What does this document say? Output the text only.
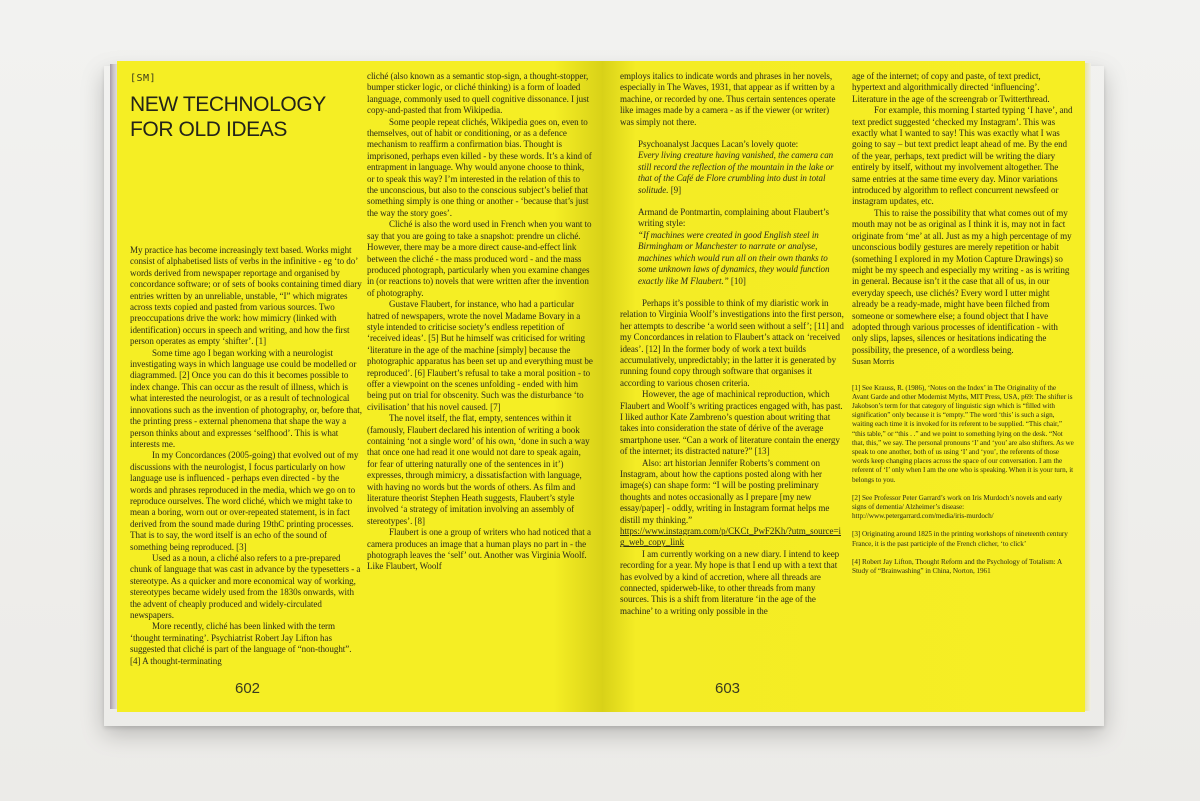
[SM]
NEW TECHNOLOGY FOR OLD IDEAS

My practice has become increasingly text based. Works might consist of alphabetised lists of verbs in the infinitive - eg ‘to do’ words derived from newspaper reportage and organised by concordance software; or of sets of books containing timed diary entries written by an unreliable, unstable, “I” which migrates across texts copied and pasted from various sources. Two preoccupations drive the work: how mimicry (linked with identification) occurs in speech and writing, and how the first person operates as empty ‘shifter’. [1]

Some time ago I began working with a neurologist investigating ways in which language use could be modelled or diagrammed. [2] Once you can do this it becomes possible to index change. This can occur as the result of illness, which is what interested the neurologist, or as a result of technological innovations such as the invention of photography, or, before that, the printing press - external phenomena that shape the way a person thinks about and expresses ‘selfhood’. This is what interests me.

In my Concordances (2005-going) that evolved out of my discussions with the neurologist, I focus particularly on how language use is influenced - perhaps even directed - by the words and phrases reproduced in the media, which we go on to reproduce ourselves. The word cliché, which we might take to mean a boring, worn out or over-repeated statement, is in fact derived from the sound made during 19thC printing processes. That is to say, the word itself is an echo of the sound of something being reproduced. [3]

Used as a noun, a cliché also refers to a pre-prepared chunk of language that was cast in advance by the typesetters - a stereotype. As a quicker and more economical way of working, stereotypes became widely used from the 1830s onwards, with the advent of cheaply produced and widely-circulated newspapers.

More recently, cliché has been linked with the term ‘thought terminating’. Psychiatrist Robert Jay Lifton has suggested that cliché is part of the language of “non-thought”. [4] A thought-terminating

cliché (also known as a semantic stop-sign, a thought-stopper, bumper sticker logic, or cliché thinking) is a form of loaded language, commonly used to quell cognitive dissonance. I just copy-and-pasted that from Wikipedia.

Some people repeat clichés, Wikipedia goes on, even to themselves, out of habit or conditioning, or as a defence mechanism to reaffirm a confirmation bias. Thought is imprisoned, perhaps even killed - by these words. It’s a kind of entrapment in language. Why would anyone choose to think, or to speak this way? I’m interested in the relation of this to the unconscious, but also to the conscious subject’s belief that something simply is one thing or another - ‘because that’s just the way the story goes’.

Cliché is also the word used in French when you want to say that you are going to take a snapshot: prendre un cliché. However, there may be a more direct cause-and-effect link between the cliché - the mass produced word - and the mass produced photograph, particularly when you examine changes in (or reactions to) novels that were written after the invention of photography.

Gustave Flaubert, for instance, who had a particular hatred of newspapers, wrote the novel Madame Bovary in a style intended to criticise society’s endless repetition of ‘received ideas’. [5] But he himself was criticised for writing ‘literature in the age of the machine [simply] because the photographic apparatus has been set up and everything must be reproduced’. [6] Flaubert’s refusal to take a moral position - to offer a viewpoint on the scenes unfolding - ended with him being put on trial for obscenity. Such was the disturbance ‘to civilisation’ that his novel caused. [7]

The novel itself, the flat, empty, sentences within it (famously, Flaubert declared his intention of writing a book containing ‘not a single word’ of his own, ‘done in such a way that once one had read it one would not dare to speak again, for fear of uttering naturally one of the sentences in it’) expresses, through mimicry, a dissatisfaction with language, with having no words but the words of others. As film and literature theorist Stephen Heath suggests, Flaubert’s style involved ‘a strategy of imitation involving an assembly of stereotypes’. [8]

Flaubert is one a group of writers who had noticed that a camera produces an image that a human plays no part in - the photograph leaves the ‘self’ out. Another was Virginia Woolf. Like Flaubert, Woolf

602

employs italics to indicate words and phrases in her novels, especially in The Waves, 1931, that appear as if written by a machine, or recorded by one. Thus certain sentences operate like images made by a camera - as if the viewer (or writer) was simply not there.

Psychoanalyst Jacques Lacan’s lovely quote:

Every living creature having vanished, the camera can still record the reflection of the mountain in the lake or that of the Café de Flore crumbling into dust in total solitude. [9]

Armand de Pontmartin, complaining about Flaubert’s writing style:

“If machines were created in good English steel in Birmingham or Manchester to narrate or analyse, machines which would run all on their own thanks to some unknown laws of dynamics, they would function exactly like M Flaubert.” [10]

Perhaps it’s possible to think of my diaristic work in relation to Virginia Woolf’s investigations into the first person, her attempts to describe ‘a world seen without a self’; [11] and my Concordances in relation to Flaubert’s attack on ‘received ideas’. [12] In the former body of work a text builds accumulatively, unpredictably; in the latter it is generated by running found copy through software that organises it according to various chosen criteria.

However, the age of machinical reproduction, which Flaubert and Woolf’s writing practices engaged with, has past. I liked author Kate Zambreno’s question about writing that takes into consideration the state of dérive of the average smartphone user. “Can a work of literature contain the energy of the internet; its distracted nature?” [13]

Also: art historian Jennifer Roberts’s comment on Instagram, about how the captions posted along with her image(s) can shape form: “I will be posting preliminary thoughts and notes occasionally as I prepare [my new essay/paper] - oddly, writing in Instagram format helps me distill my thinking.”

https://www.instagram.com/p/CKCt_PwF2Kh/?utm_source=ig_web_copy_link

I am currently working on a new diary. I intend to keep recording for a year. My hope is that I end up with a text that has evolved by a kind of accretion, where all threads are connected, spiderweb-like, to other threads from many sources. This is a shift from literature ‘in the age of the machine’ to a writing only possible in the

age of the internet; of copy and paste, of text predict, hypertext and algorithmically directed ‘influencing’. Literature in the age of the screengrab or Twitterthread.

For example, this morning I started typing ‘I have’, and text predict suggested ‘checked my Instagram’. This was exactly what I wanted to say! This was exactly what I was going to say – but text predict leapt ahead of me. By the end of the year, perhaps, text predict will be writing the diary entirely by itself, without my involvement altogether. The same entries at the same time every day. Minor variations introduced by algorithm to reflect concurrent newsfeed or instagram updates, etc.

This to raise the possibility that what comes out of my mouth may not be as original as I think it is, may not in fact originate from ‘me’ at all. Just as my a high percentage of my unconscious bodily gestures are merely repetition or habit (something I explored in my Motion Capture Drawings) so might be my speech and especially my writing - as is writing in general. Because isn’t it the case that all of us, in our everyday speech, use clichés? Every word I utter might already be a ready-made, might have been filched from someone or somewhere else; a found object that I have adopted through various processes of identification - with only slips, lapses, silences or hesitations indicating the possibility, the presence, of a wordless being.

Susan Morris

[1] See Krauss, R. (1986), ‘Notes on the Index’ in The Originality of the Avant Garde and other Modernist Myths, MIT Press, USA, p69: The shifter is Jakobson’s term for that category of linguistic sign which is “filled with signification” only because it is “empty.” The word ‘this’ is such a sign, waiting each time it is invoked for its referent to be supplied. “This chair,” “this table,” or “this . .” and we point to something lying on the desk. “Not that, this,” we say. The personal pronouns ‘I’ and ‘you’ are also shifters. As we speak to one another, both of us using ‘I’ and ‘you’, the referents of those words keep changing places across the space of our conversation. I am the referent of ‘I’ only when I am the one who is speaking. When it is your turn, it belongs to you.

[2] See Professor Peter Garrard’s work on Iris Murdoch’s novels and early signs of dementia/ Alzheimer’s disease: http://www.petergarrard.com/media/iris-murdoch/

[3] Originating around 1825 in the printing workshops of nineteenth century France, it is the past participle of the French clicher, ‘to click’

[4] Robert Jay Lifton, Thought Reform and the Psychology of Totalism: A Study of “Brainwashing” in China, Norton, 1961

603
